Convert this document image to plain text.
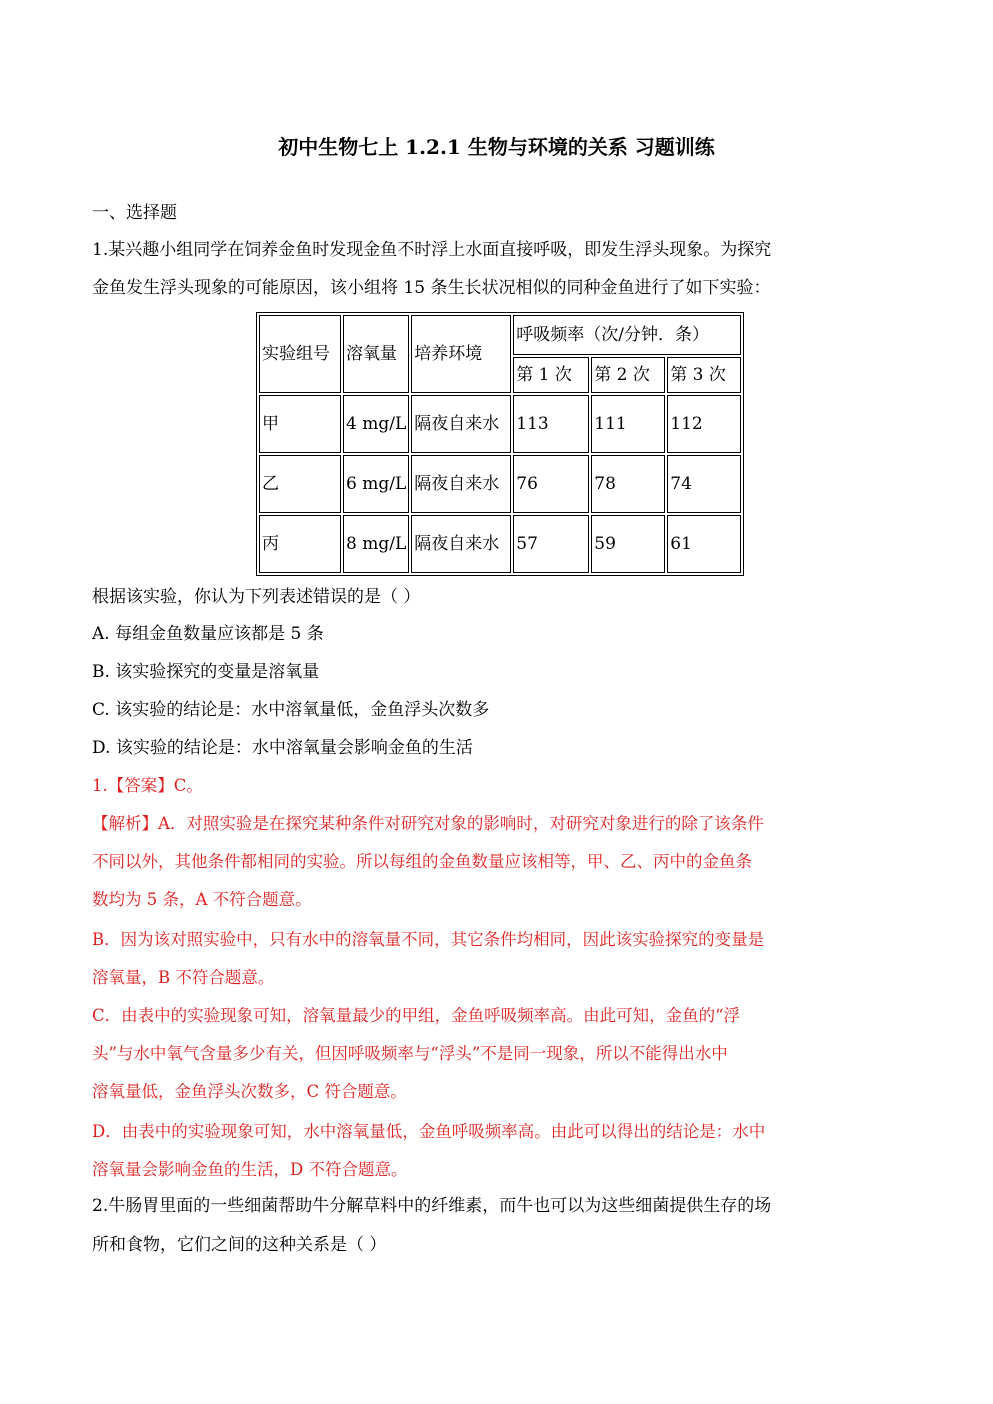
初中生物七上 1.2.1 生物与环境的关系 习题训练
一、选择题
1.某兴趣小组同学在饲养金鱼时发现金鱼不时浮上水面直接呼吸，即发生浮头现象。为探究
金鱼发生浮头现象的可能原因，该小组将 15 条生长状况相似的同种金鱼进行了如下实验：
实验组号	溶氧量	培养环境	呼吸频率（次/分钟．条）		
			第 1 次	第 2 次	第 3 次
甲	4 mg/L	隔夜自来水	113	111	112
乙	6 mg/L	隔夜自来水	76	78	74
丙	8 mg/L	隔夜自来水	57	59	61
根据该实验，你认为下列表述错误的是（ ）
A. 每组金鱼数量应该都是 5 条
B. 该实验探究的变量是溶氧量
C. 该实验的结论是：水中溶氧量低，金鱼浮头次数多
D. 该实验的结论是：水中溶氧量会影响金鱼的生活
1.【答案】C。
【解析】A．对照实验是在探究某种条件对研究对象的影响时，对研究对象进行的除了该条件
不同以外，其他条件都相同的实验。所以每组的金鱼数量应该相等，甲、乙、丙中的金鱼条
数均为 5 条，A 不符合题意。
B．因为该对照实验中，只有水中的溶氧量不同，其它条件均相同，因此该实验探究的变量是
溶氧量，B 不符合题意。
C．由表中的实验现象可知，溶氧量最少的甲组，金鱼呼吸频率高。由此可知，金鱼的“浮
头”与水中氧气含量多少有关，但因呼吸频率与“浮头”不是同一现象，所以不能得出水中
溶氧量低，金鱼浮头次数多，C 符合题意。
D．由表中的实验现象可知，水中溶氧量低，金鱼呼吸频率高。由此可以得出的结论是：水中
溶氧量会影响金鱼的生活，D 不符合题意。
2.牛肠胃里面的一些细菌帮助牛分解草料中的纤维素，而牛也可以为这些细菌提供生存的场
所和食物，它们之间的这种关系是（ ）
